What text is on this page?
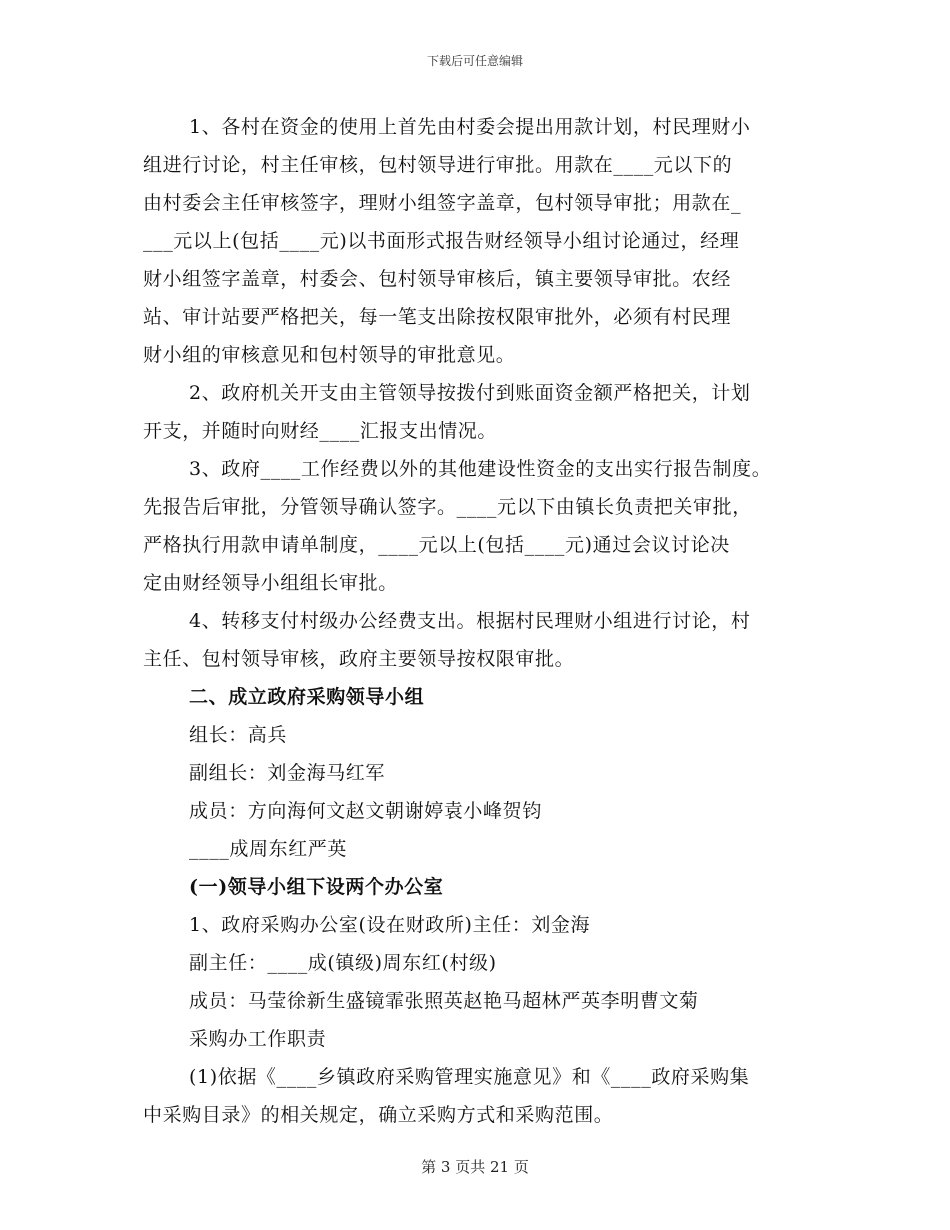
下载后可任意编辑
1、各村在资金的使用上首先由村委会提出用款计划，村民理财小
组进行讨论，村主任审核，包村领导进行审批。用款在____元以下的
由村委会主任审核签字，理财小组签字盖章，包村领导审批；用款在_
___元以上(包括____元)以书面形式报告财经领导小组讨论通过，经理
财小组签字盖章，村委会、包村领导审核后，镇主要领导审批。农经
站、审计站要严格把关，每一笔支出除按权限审批外，必须有村民理
财小组的审核意见和包村领导的审批意见。
2、政府机关开支由主管领导按拨付到账面资金额严格把关，计划
开支，并随时向财经____汇报支出情况。
3、政府____工作经费以外的其他建设性资金的支出实行报告制度。
先报告后审批，分管领导确认签字。____元以下由镇长负责把关审批，
严格执行用款申请单制度，____元以上(包括____元)通过会议讨论决
定由财经领导小组组长审批。
4、转移支付村级办公经费支出。根据村民理财小组进行讨论，村
主任、包村领导审核，政府主要领导按权限审批。
二、成立政府采购领导小组
组长：高兵
副组长：刘金海马红军
成员：方向海何文赵文朝谢婷袁小峰贺钧
____成周东红严英
(一)领导小组下设两个办公室
1、政府采购办公室(设在财政所)主任：刘金海
副主任：____成(镇级)周东红(村级)
成员：马莹徐新生盛镜霏张照英赵艳马超林严英李明曹文菊
采购办工作职责
(1)依据《____乡镇政府采购管理实施意见》和《____政府采购集
中采购目录》的相关规定，确立采购方式和采购范围。
第 3 页共 21 页
